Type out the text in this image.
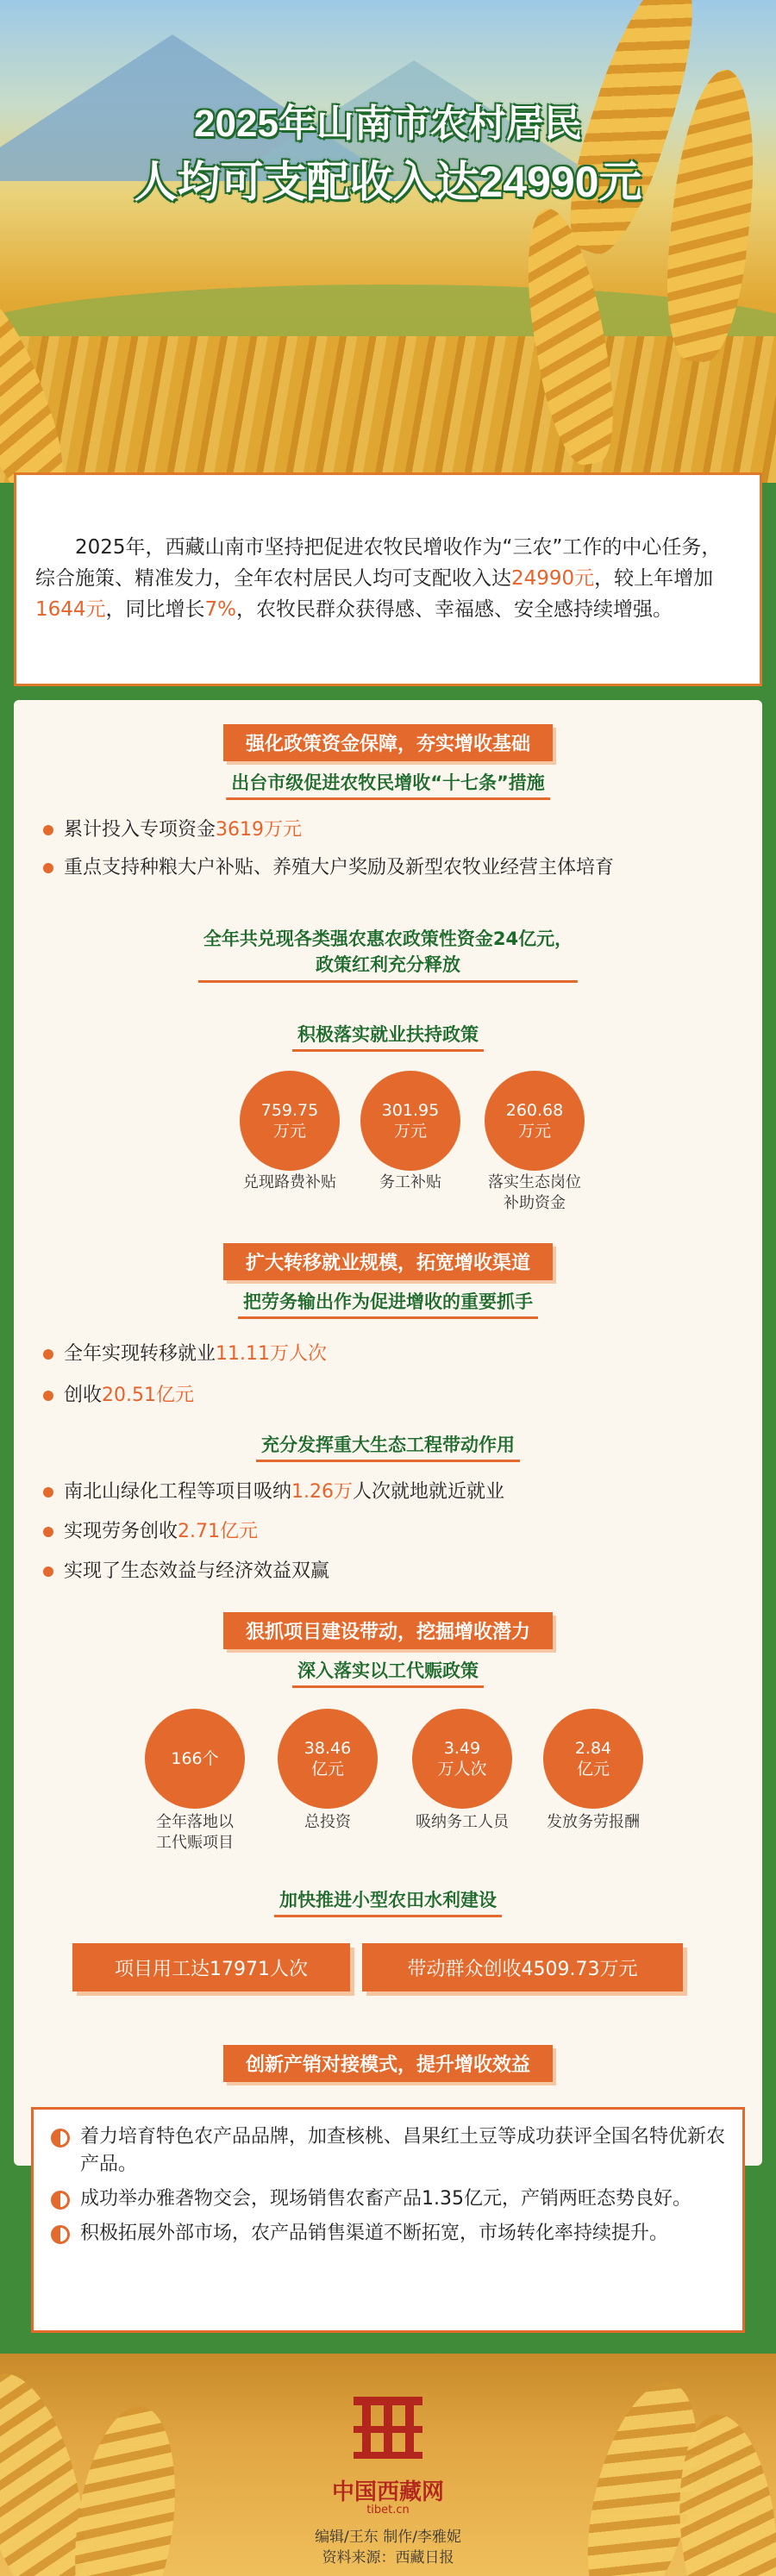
2025年山南市农村居民
人均可支配收入达24990元

2025年，西藏山南市坚持把促进农牧民增收作为“三农”工作的中心任务，综合施策、精准发力，全年农村居民人均可支配收入达24990元，较上年增加1644元，同比增长7%，农牧民群众获得感、幸福感、安全感持续增强。

强化政策资金保障，夯实增收基础
出台市级促进农牧民增收“十七条”措施
累计投入专项资金3619万元
重点支持种粮大户补贴、养殖大户奖励及新型农牧业经营主体培育
全年共兑现各类强农惠农政策性资金24亿元，
政策红利充分释放
积极落实就业扶持政策
759.75
万元
301.95
万元
260.68
万元
兑现路费补贴	务工补贴	落实生态岗位
补助资金
扩大转移就业规模，拓宽增收渠道
把劳务输出作为促进增收的重要抓手
全年实现转移就业11.11万人次
创收20.51亿元
充分发挥重大生态工程带动作用
南北山绿化工程等项目吸纳1.26万人次就地就近就业
实现劳务创收2.71亿元
实现了生态效益与经济效益双赢
狠抓项目建设带动，挖掘增收潜力
深入落实以工代赈政策
166个
38.46
亿元
3.49
万人次
2.84
亿元
全年落地以
工代赈项目
总投资	吸纳务工人员	发放务劳报酬
加快推进小型农田水利建设
项目用工达17971人次	带动群众创收4509.73万元
创新产销对接模式，提升增收效益
着力培育特色农产品品牌，加查核桃、昌果红土豆等成功获评全国名特优新农产品。
成功举办雅砻物交会，现场销售农畜产品1.35亿元，产销两旺态势良好。
积极拓展外部市场，农产品销售渠道不断拓宽，市场转化率持续提升。
中国西藏网
tibet.cn
编辑/王东 制作/李雅妮
资料来源：西藏日报
